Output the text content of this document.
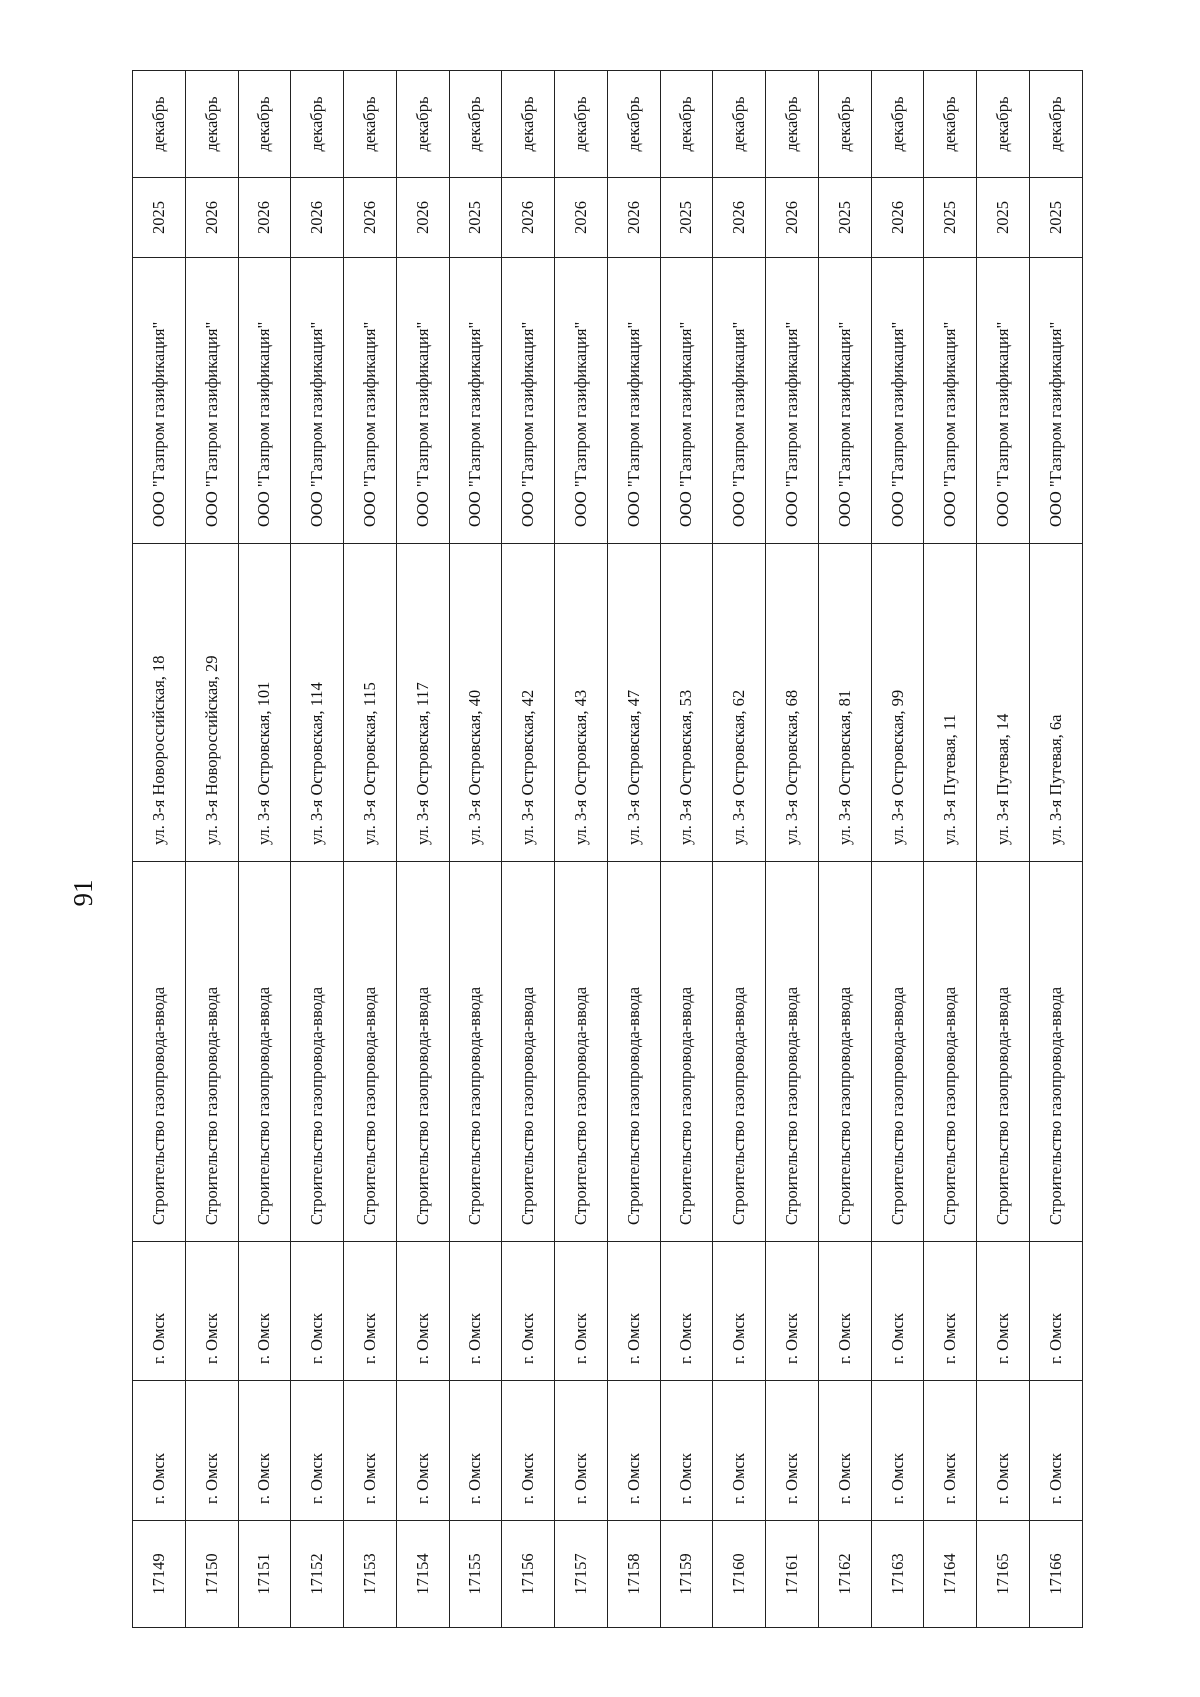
91
17149	г. Омск	г. Омск	Строительство газопровода-ввода	ул. 3-я Новороссийская, 18	ООО "Газпром газификация"	2025	декабрь
17150	г. Омск	г. Омск	Строительство газопровода-ввода	ул. 3-я Новороссийская, 29	ООО "Газпром газификация"	2026	декабрь
17151	г. Омск	г. Омск	Строительство газопровода-ввода	ул. 3-я Островская, 101	ООО "Газпром газификация"	2026	декабрь
17152	г. Омск	г. Омск	Строительство газопровода-ввода	ул. 3-я Островская, 114	ООО "Газпром газификация"	2026	декабрь
17153	г. Омск	г. Омск	Строительство газопровода-ввода	ул. 3-я Островская, 115	ООО "Газпром газификация"	2026	декабрь
17154	г. Омск	г. Омск	Строительство газопровода-ввода	ул. 3-я Островская, 117	ООО "Газпром газификация"	2026	декабрь
17155	г. Омск	г. Омск	Строительство газопровода-ввода	ул. 3-я Островская, 40	ООО "Газпром газификация"	2025	декабрь
17156	г. Омск	г. Омск	Строительство газопровода-ввода	ул. 3-я Островская, 42	ООО "Газпром газификация"	2026	декабрь
17157	г. Омск	г. Омск	Строительство газопровода-ввода	ул. 3-я Островская, 43	ООО "Газпром газификация"	2026	декабрь
17158	г. Омск	г. Омск	Строительство газопровода-ввода	ул. 3-я Островская, 47	ООО "Газпром газификация"	2026	декабрь
17159	г. Омск	г. Омск	Строительство газопровода-ввода	ул. 3-я Островская, 53	ООО "Газпром газификация"	2025	декабрь
17160	г. Омск	г. Омск	Строительство газопровода-ввода	ул. 3-я Островская, 62	ООО "Газпром газификация"	2026	декабрь
17161	г. Омск	г. Омск	Строительство газопровода-ввода	ул. 3-я Островская, 68	ООО "Газпром газификация"	2026	декабрь
17162	г. Омск	г. Омск	Строительство газопровода-ввода	ул. 3-я Островская, 81	ООО "Газпром газификация"	2025	декабрь
17163	г. Омск	г. Омск	Строительство газопровода-ввода	ул. 3-я Островская, 99	ООО "Газпром газификация"	2026	декабрь
17164	г. Омск	г. Омск	Строительство газопровода-ввода	ул. 3-я Путевая, 11	ООО "Газпром газификация"	2025	декабрь
17165	г. Омск	г. Омск	Строительство газопровода-ввода	ул. 3-я Путевая, 14	ООО "Газпром газификация"	2025	декабрь
17166	г. Омск	г. Омск	Строительство газопровода-ввода	ул. 3-я Путевая, 6а	ООО "Газпром газификация"	2025	декабрь
